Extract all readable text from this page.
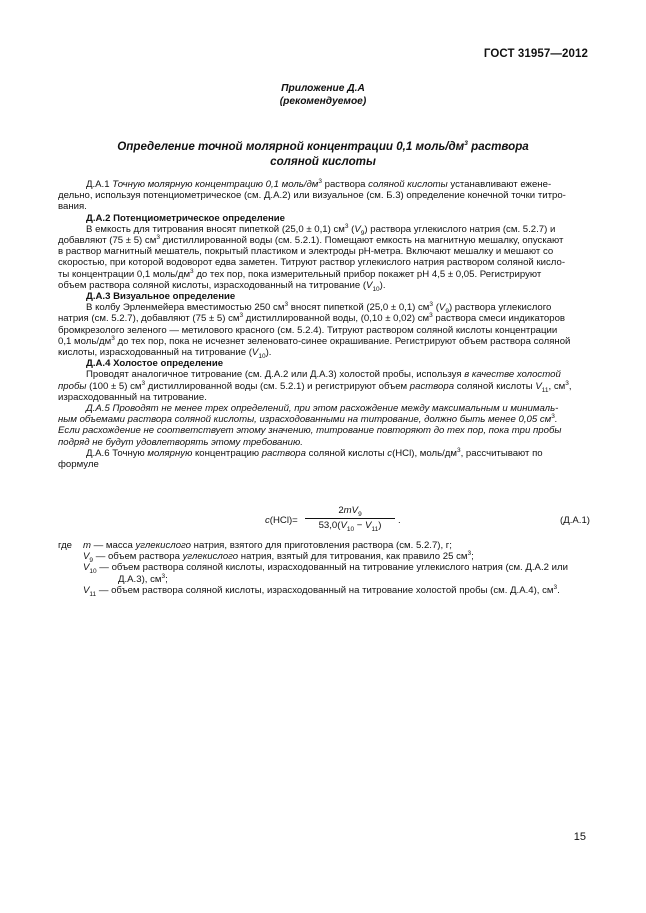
ГОСТ 31957—2012
Приложение Д.А
(рекомендуемое)
Определение точной молярной концентрации 0,1 моль/$дм^3$ раствора
соляной кислоты

Д.А.1 Точную молярную концентрацию 0,1 моль/$дм^3$ раствора соляной кислоты устанавливают ежене-

дельно, используя потенциометрическое (см. Д.А.2) или визуальное (см. Б.3) определение конечной точки титро-
вания.

Д.А.2 Потенциометрическое определение

В емкость для титрования вносят пипеткой (25,0 ± 0,1) $см^3$ $(V_9)$ раствора углекислого натрия (см. 5.2.7) и

добавляют (75 ± 5) $см^3$ дистиллированной воды (см. 5.2.1). Помещают емкость на магнитную мешалку, опускают
в раствор магнитный мешатель, покрытый пластиком и электроды pH-метра. Включают мешалку и мешают со
скоростью, при которой водоворот едва заметен. Титруют раствор углекислого натрия раствором соляной кисло-
ты концентрации 0,1 моль/$дм^3$ до тех пор, пока измерительный прибор покажет pH 4,5 ± 0,05. Регистрируют
объем раствора соляной кислоты, израсходованный на титрование $(V_{10})$.

Д.А.3 Визуальное определение

В колбу Эрленмейера вместимостью 250 $см^3$ вносят пипеткой (25,0 ± 0,1) $см^3$ $(V_9)$ раствора углекислого

натрия (см. 5.2.7), добавляют (75 ± 5) $см^3$ дистиллированной воды, (0,10 ± 0,02) $см^3$ раствора смеси индикаторов
бромкрезолого зеленого — метилового красного (см. 5.2.4). Титруют раствором соляной кислоты концентрации
0,1 моль/$дм^3$ до тех пор, пока не исчезнет зеленовато-синее окрашивание. Регистрируют объем раствора соляной
кислоты, израсходованный на титрование $(V_{10})$.

Д.А.4 Холостое определение

Проводят аналогичное титрование (см. Д.А.2 или Д.А.3) холостой пробы, используя в качестве холостой

пробы (100 ± 5) $см^3$ дистиллированной воды (см. 5.2.1) и регистрируют объем раствора соляной кислоты $V_{11}$, $см^3$,
израсходованный на титрование.

Д.А.5 Проводят не менее трех определений, при этом расхождение между максимальным и минималь-

ным объемами раствора соляной кислоты, израсходованными на титрование, должно быть менее 0,05 $см^3$.
Если расхождение не соответствует этому значению, титрование повторяют до тех пор, пока три пробы
подряд не будут удовлетворять этому требованию.

Д.А.6 Точную молярную концентрацию раствора соляной кислоты c(HCl), моль/$дм^3$, рассчитывают по

формуле

c(HCl)=
$2mV_9$
$53,0(V_{10} - V_{11})$	.	(Д.А.1)
где	m — масса углекислого натрия, взятого для приготовления раствора (см. 5.2.7), г;
$V_9$ — объем раствора углекислого натрия, взятый для титрования, как правило 25 $см^3$;
$V_{10}$ — объем раствора соляной кислоты, израсходованный на титрование углекислого натрия (см. Д.А.2 или
Д.А.3), $см^3$;
$V_{11}$ — объем раствора соляной кислоты, израсходованный на титрование холостой пробы (см. Д.А.4), $см^3$.
15
